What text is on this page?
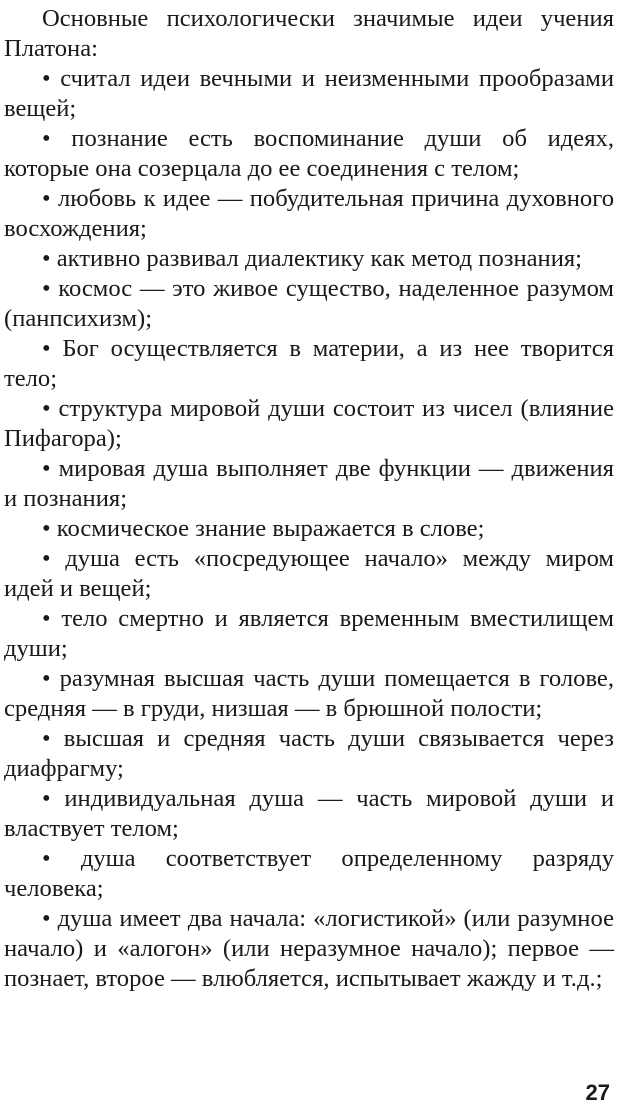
Основные психологически значимые идеи учения Платона:

• считал идеи вечными и неизменными прообразами вещей;

• познание есть воспоминание души об идеях, которые она созерцала до ее соединения с телом;

• любовь к идее — побудительная причина духовного восхождения;

• активно развивал диалектику как метод познания;

• космос — это живое существо, наделенное разумом (панпсихизм);

• Бог осуществляется в материи, а из нее творится тело;

• структура мировой души состоит из чисел (влияние Пифагора);

• мировая душа выполняет две функции — движения и познания;

• космическое знание выражается в слове;

• душа есть «посредующее начало» между миром идей и вещей;

• тело смертно и является временным вместилищем души;

• разумная высшая часть души помещается в голове, средняя — в груди, низшая — в брюшной полости;

• высшая и средняя часть души связывается через диафрагму;

• индивидуальная душа — часть мировой души и властвует телом;

• душа соответствует определенному разряду человека;

• душа имеет два начала: «логистикой» (или разумное начало) и «алогон» (или неразумное начало); первое — познает, второе — влюбляется, испытывает жажду и т.д.;

27
